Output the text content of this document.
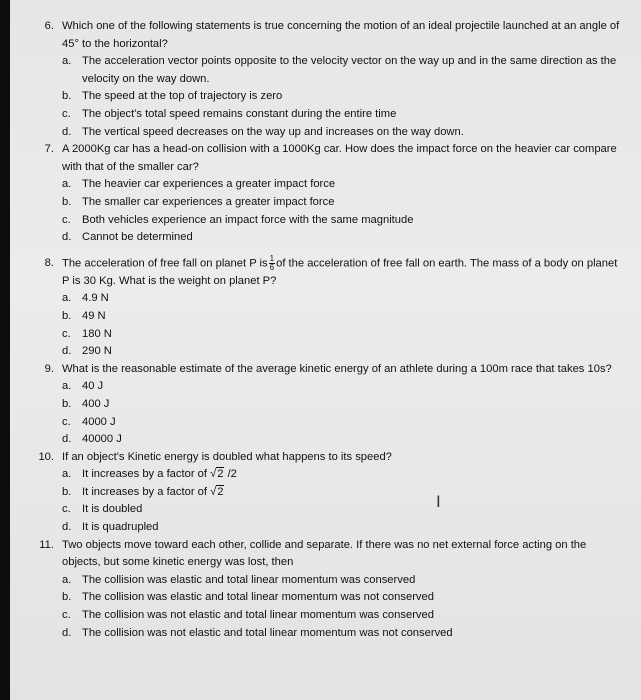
6. Which one of the following statements is true concerning the motion of an ideal projectile launched at an angle of 45° to the horizontal?
a. The acceleration vector points opposite to the velocity vector on the way up and in the same direction as the velocity on the way down.
b. The speed at the top of trajectory is zero
c. The object's total speed remains constant during the entire time
d. The vertical speed decreases on the way up and increases on the way down.
7. A 2000Kg car has a head-on collision with a 1000Kg car. How does the impact force on the heavier car compare with that of the smaller car?
a. The heavier car experiences a greater impact force
b. The smaller car experiences a greater impact force
c. Both vehicles experience an impact force with the same magnitude
d. Cannot be determined
8. The acceleration of free fall on planet P is $\frac{1}{6}$ of the acceleration of free fall on earth. The mass of a body on planet P is 30 Kg. What is the weight on planet P?
a. 4.9 N
b. 49 N
c. 180 N
d. 290 N
9. What is the reasonable estimate of the average kinetic energy of an athlete during a 100m race that takes 10s?
a. 40 J
b. 400 J
c. 4000 J
d. 40000 J
10. If an object's Kinetic energy is doubled what happens to its speed?
a. It increases by a factor of √2 /2
b. It increases by a factor of √2
c. It is doubled
d. It is quadrupled
11. Two objects move toward each other, collide and separate. If there was no net external force acting on the objects, but some kinetic energy was lost, then
a. The collision was elastic and total linear momentum was conserved
b. The collision was elastic and total linear momentum was not conserved
c. The collision was not elastic and total linear momentum was conserved
d. The collision was not elastic and total linear momentum was not conserved
I
